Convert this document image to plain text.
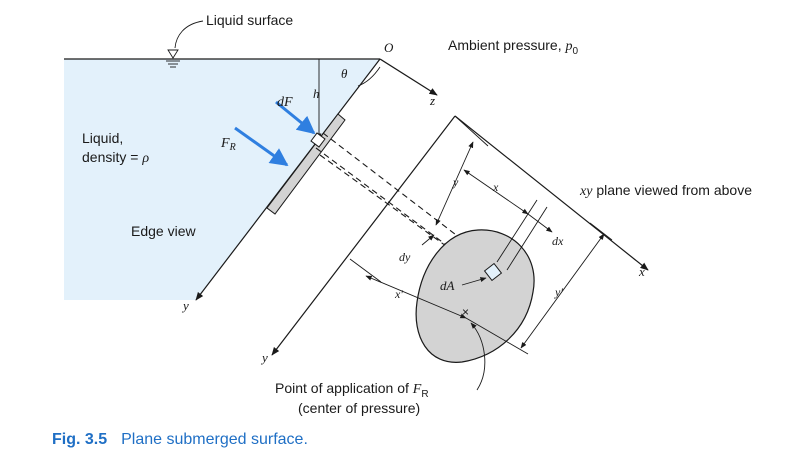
Liquid surface
O	Ambient pressure, $p_0$
θ
z
y
h
dF
$F_R$
Liquid,
density = ρ
Edge view
x
y
xy plane viewed from above
y	x
dx
dy
dA
x′	y′
×
Point of application of $F_R$
(center of pressure)
Fig. 3.5 Plane submerged surface.
